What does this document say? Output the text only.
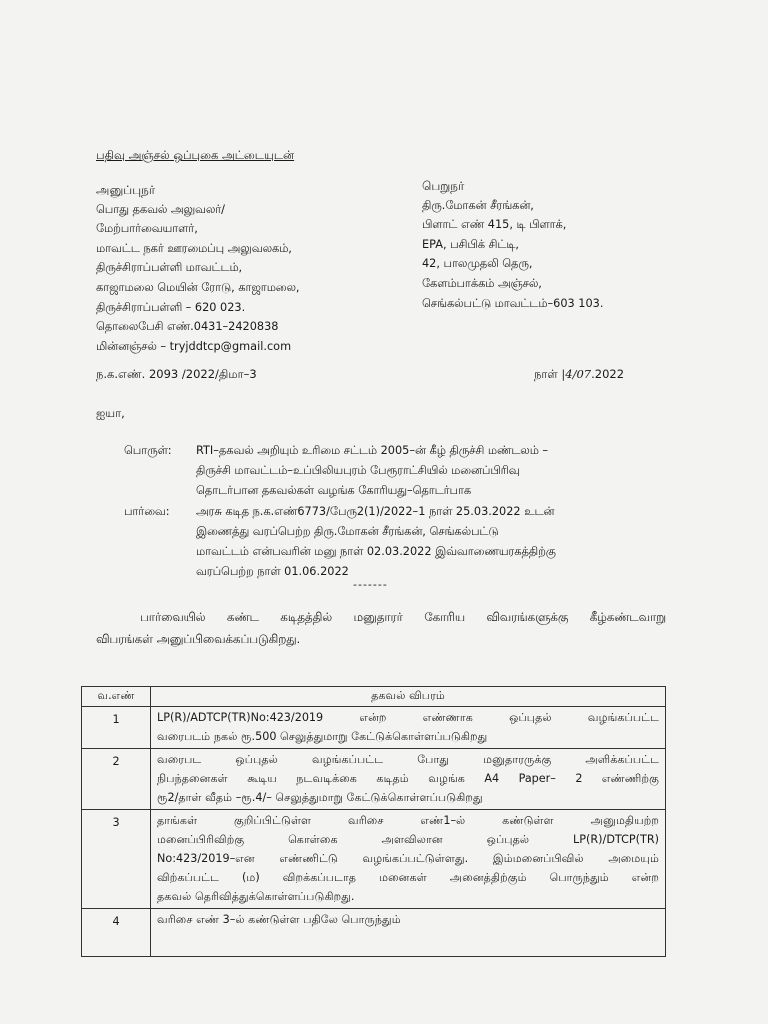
பதிவு அஞ்சல் ஒப்புகை அட்டையுடன்
அனுப்புநர்
பொது தகவல் அலுவலர்/
மேற்பார்வையாளர்,
மாவட்ட நகர் ஊரமைப்பு அலுவலகம்,
திருச்சிராப்பள்ளி மாவட்டம்,
காஜாமலை மெயின் ரோடு, காஜாமலை,
திருச்சிராப்பள்ளி – 620 023.
தொலைபேசி எண்.0431–2420838
மின்னஞ்சல் – tryjddtcp@gmail.com
பெறுநர்
திரு.மோகன் சீரங்கன்,
பிளாட் எண் 415, டி பிளாக்,
EPA, பசிபிக் சிட்டி,
42, பாலமுதலி தெரு,
கேளம்பாக்கம் அஞ்சல்,
செங்கல்பட்டு மாவட்டம்–603 103.
ந.க.எண். 2093 /2022/திமா–3	நாள் |4/07.2022
ஐயா,
பொருள்: RTI–தகவல் அறியும் உரிமை சட்டம் 2005–ன் கீழ் திருச்சி மண்டலம் –
திருச்சி மாவட்டம்–உப்பிலியபுரம் பேரூராட்சியில் மனைப்பிரிவு
தொடர்பான தகவல்கள் வழங்க கோரியது–தொடர்பாக
பார்வை: அரசு கடித ந.க.எண்6773/பேரு2(1)/2022–1 நாள் 25.03.2022 உடன்
இணைத்து வரப்பெற்ற திரு.மோகன் சீரங்கன், செங்கல்பட்டு
மாவட்டம் என்பவரின் மனு நாள் 02.03.2022 இவ்வாணையரகத்திற்கு
வரப்பெற்ற நாள் 01.06.2022
-------
பார்வையில் கண்ட கடிதத்தில் மனுதாரர் கோரிய விவரங்களுக்கு கீழ்கண்டவாறு
விபரங்கள் அனுப்பிவைக்கப்படுகிறது.
வ.எண்	தகவல் விபரம்
1	LP(R)/ADTCP(TR)No:423/2019 என்ற எண்ணாக ஒப்புதல் வழங்கப்பட்ட
வரைபடம் நகல் ரூ.500 செலுத்துமாறு கேட்டுக்கொள்ளப்படுகிறது

2	வரைபட ஒப்புதல் வழங்கப்பட்ட போது மனுதாரருக்கு அளிக்கப்பட்ட
நிபந்தனைகள் கூடிய நடவடிக்கை கடிதம் வழங்க A4 Paper– 2 எண்ணிற்கு
ரூ2/தாள் வீதம் –ரூ.4/– செலுத்துமாறு கேட்டுக்கொள்ளப்படுகிறது

3	தாங்கள் குறிப்பிட்டுள்ள வரிசை எண்1–ல் கண்டுள்ள அனுமதியற்ற
மனைப்பிரிவிற்கு கொள்கை அளவிலான ஒப்புதல் LP(R)/DTCP(TR)
No:423/2019–என எண்ணிட்டு வழங்கப்பட்டுள்ளது. இம்மனைப்பிவில் அமையும்
விற்கப்பட்ட (ம) விறக்கப்படாத மனைகள் அனைத்திற்கும் பொருந்தும் என்ற
தகவல் தெரிவித்துக்கொள்ளப்படுகிறது.

4	வரிசை எண் 3–ல் கண்டுள்ள பதிலே பொருந்தும்
